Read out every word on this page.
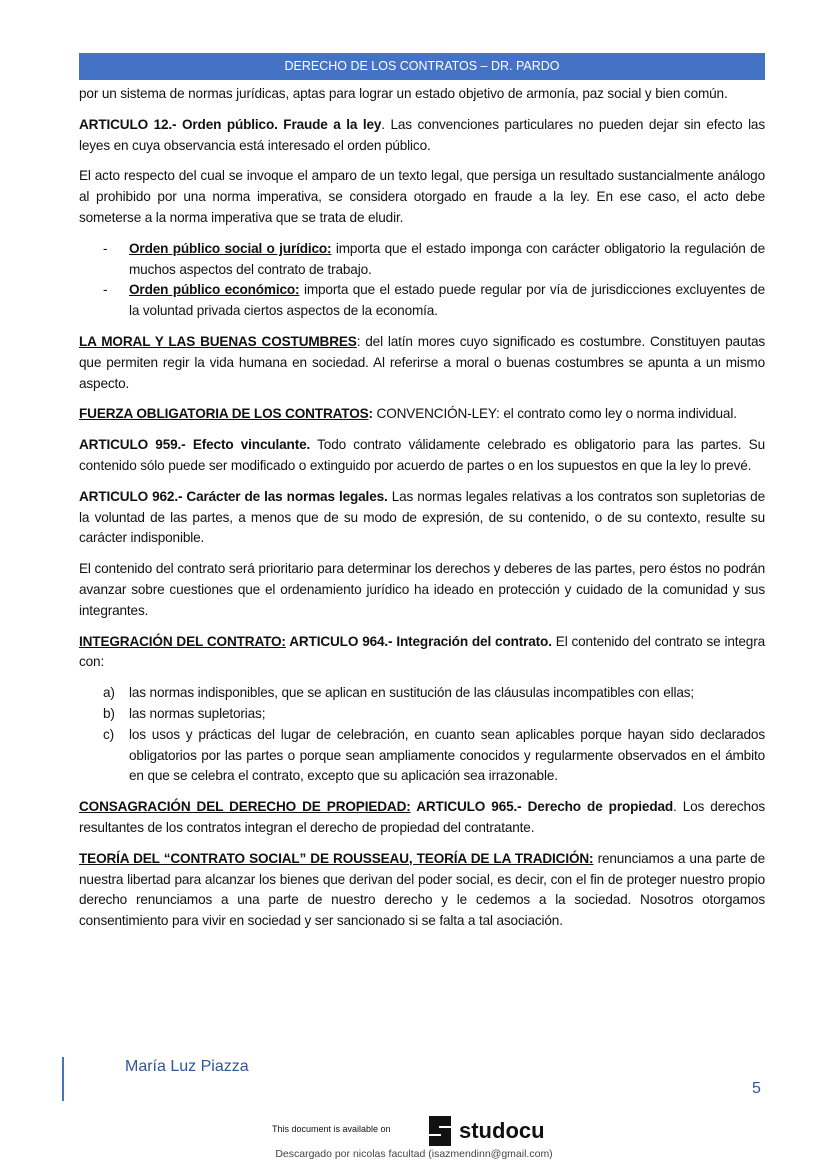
DERECHO DE LOS CONTRATOS – DR. PARDO

por un sistema de normas jurídicas, aptas para lograr un estado objetivo de armonía, paz social y bien común.

ARTICULO 12.- Orden público. Fraude a la ley. Las convenciones particulares no pueden dejar sin efecto las leyes en cuya observancia está interesado el orden público.

El acto respecto del cual se invoque el amparo de un texto legal, que persiga un resultado sustancialmente análogo al prohibido por una norma imperativa, se considera otorgado en fraude a la ley. En ese caso, el acto debe someterse a la norma imperativa que se trata de eludir.

- Orden público social o jurídico: importa que el estado imponga con carácter obligatorio la regulación de muchos aspectos del contrato de trabajo.
- Orden público económico: importa que el estado puede regular por vía de jurisdicciones excluyentes de la voluntad privada ciertos aspectos de la economía.

LA MORAL Y LAS BUENAS COSTUMBRES: del latín mores cuyo significado es costumbre. Constituyen pautas que permiten regir la vida humana en sociedad. Al referirse a moral o buenas costumbres se apunta a un mismo aspecto.

FUERZA OBLIGATORIA DE LOS CONTRATOS: CONVENCIÓN-LEY: el contrato como ley o norma individual.

ARTICULO 959.- Efecto vinculante. Todo contrato válidamente celebrado es obligatorio para las partes. Su contenido sólo puede ser modificado o extinguido por acuerdo de partes o en los supuestos en que la ley lo prevé.

ARTICULO 962.- Carácter de las normas legales. Las normas legales relativas a los contratos son supletorias de la voluntad de las partes, a menos que de su modo de expresión, de su contenido, o de su contexto, resulte su carácter indisponible.

El contenido del contrato será prioritario para determinar los derechos y deberes de las partes, pero éstos no podrán avanzar sobre cuestiones que el ordenamiento jurídico ha ideado en protección y cuidado de la comunidad y sus integrantes.

INTEGRACIÓN DEL CONTRATO: ARTICULO 964.- Integración del contrato. El contenido del contrato se integra con:

a) las normas indisponibles, que se aplican en sustitución de las cláusulas incompatibles con ellas;
b) las normas supletorias;
c) los usos y prácticas del lugar de celebración, en cuanto sean aplicables porque hayan sido declarados obligatorios por las partes o porque sean ampliamente conocidos y regularmente observados en el ámbito en que se celebra el contrato, excepto que su aplicación sea irrazonable.

CONSAGRACIÓN DEL DERECHO DE PROPIEDAD: ARTICULO 965.- Derecho de propiedad. Los derechos resultantes de los contratos integran el derecho de propiedad del contratante.

TEORÍA DEL “CONTRATO SOCIAL” DE ROUSSEAU, TEORÍA DE LA TRADICIÓN: renunciamos a una parte de nuestra libertad para alcanzar los bienes que derivan del poder social, es decir, con el fin de proteger nuestro propio derecho renunciamos a una parte de nuestro derecho y le cedemos a la sociedad. Nosotros otorgamos consentimiento para vivir en sociedad y ser sancionado si se falta a tal asociación.

María Luz Piazza
5
This document is available on	studocu
Descargado por nicolas facultad (isazmendinn@gmail.com)
